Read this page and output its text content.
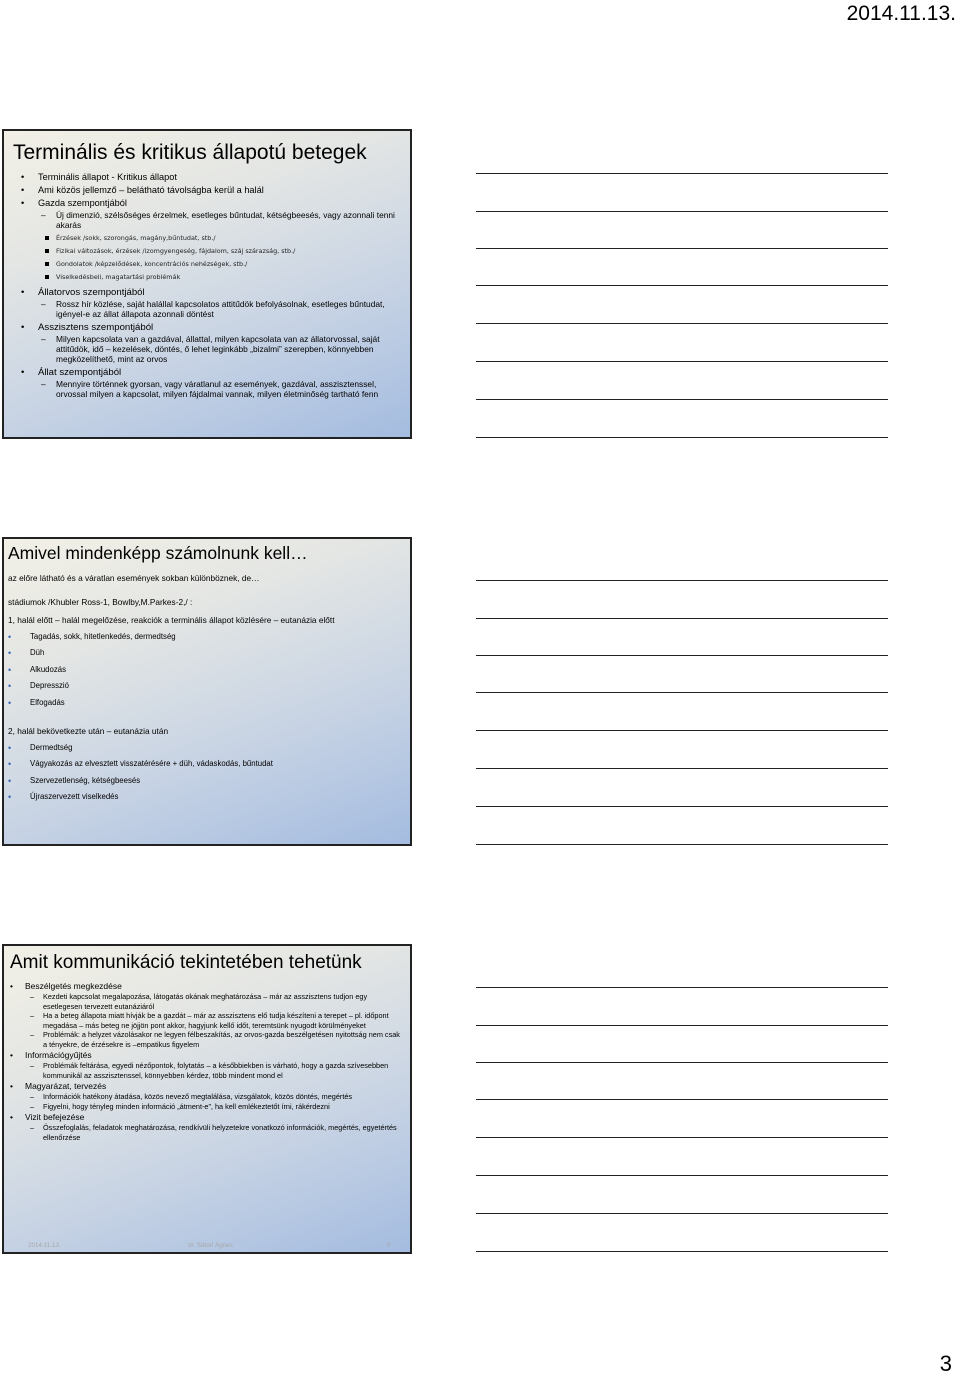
2014.11.13.
Terminális és kritikus állapotú betegek
• Terminális állapot - Kritikus állapot
• Ami közös jellemző – belátható távolságba kerül a halál
• Gazda szempontjából
– Új dimenzió, szélsőséges érzelmek, esetleges bűntudat, kétségbeesés, vagy azonnali tenni akarás
Érzések /sokk, szorongás, magány,bűntudat, stb./
Fizikai változások, érzések /izomgyengeség, fájdalom, száj szárazság, stb./
Gondolatok /képzelődések, koncentrációs nehézségek, stb./
Viselkedésbeli, magatartási problémák
• Állatorvos szempontjából
– Rossz hír közlése, saját halállal kapcsolatos attitűdök befolyásolnak, esetleges bűntudat, igényel-e az állat állapota azonnali döntést
• Asszisztens szempontjából
– Milyen kapcsolata van a gazdával, állattal, milyen kapcsolata van az állatorvossal, saját attitűdök, idő – kezelések, döntés, ő lehet leginkább „bizalmi” szerepben, könnyebben megközelíthető, mint az orvos
• Állat szempontjából
– Mennyire történnek gyorsan, vagy váratlanul az események, gazdával, asszisztenssel, orvossal milyen a kapcsolat, milyen fájdalmai vannak, milyen életminőség tartható fenn
Amivel mindenképp számolnunk kell…

az előre látható és a váratlan események sokban különböznek, de…

stádiumok /Khubler Ross-1, Bowlby,M.Parkes-2,/ :

1, halál előtt – halál megelőzése, reakciók a terminális állapot közlésére – eutanázia előtt

• Tagadás, sokk, hitetlenkedés, dermedtség
• Düh
• Alkudozás
• Depresszió
• Elfogadás

2, halál bekövetkezte után – eutanázia után

• Dermedtség
• Vágyakozás az elvesztett visszatérésére + düh, vádaskodás, bűntudat
• Szervezetlenség, kétségbeesés
• Újraszervezett viselkedés
Amit kommunikáció tekintetében tehetünk
• Beszélgetés megkezdése
– Kezdeti kapcsolat megalapozása, látogatás okának meghatározása – már az asszisztens tudjon egy esetlegesen tervezett eutanáziáról
– Ha a beteg állapota miatt hívják be a gazdát – már az asszisztens elő tudja készíteni a terepet – pl. időpont megadása – más beteg ne jöjjön pont akkor, hagyjunk kellő időt, teremtsünk nyugodt körülményeket
– Problémák: a helyzet vázolásakor ne legyen félbeszakítás, az orvos-gazda beszélgetésen nyitottság nem csak a tényekre, de érzésekre is –empatikus figyelem
• Információgyűjtés
– Problémák feltárása, egyedi nézőpontok, folytatás – a későbbiekben is várható, hogy a gazda szívesebben kommunikál az asszisztenssel, könnyebben kérdez, több mindent mond el
• Magyarázat, tervezés
– Információk hatékony átadása, közös nevező megtalálása, vizsgálatok, közös döntés, megértés
– Figyelni, hogy tényleg minden információ „átment-e”, ha kell emlékeztetőt írni, rákérdezni
• Vizit befejezése
– Összefoglalás, feladatok meghatározása, rendkívüli helyzetekre vonatkozó információk, megértés, egyetértés ellenőrzése
2014.11.13.	dr. Sátori Ágnes	9
3
